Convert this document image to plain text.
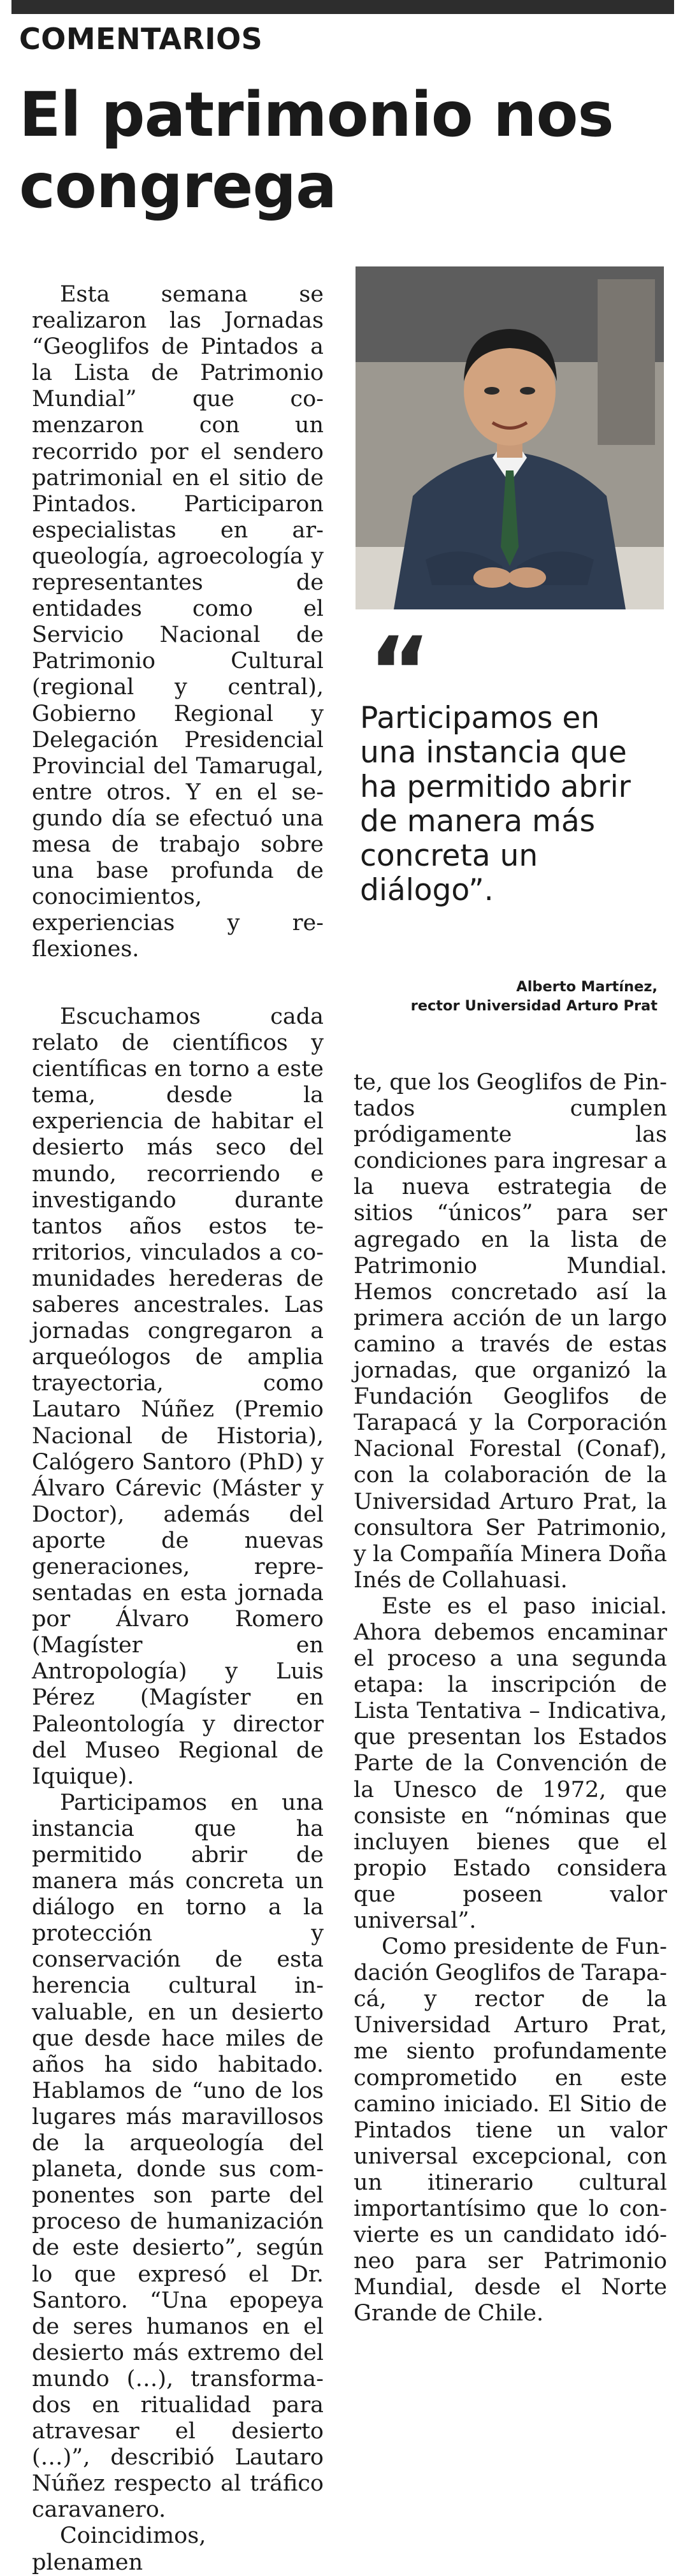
COMENTARIOS
El patrimonio nos
congrega

Esta semana se realizaron las Jornadas “Geoglifos de Pintados a la Lista de Patrimonio Mundial” que comenzaron con un recorrido por el sendero patrimonial en el sitio de Pintados. Participaron especialistas en arqueología, agroecología y representantes de entidades como el Servicio Nacional de Patrimonio Cultural (regional y central), Gobierno Regional y Delegación Presidencial Provincial del Tamarugal, entre otros. Y en el segundo día se efectuó una mesa de trabajo sobre una base profunda de conocimientos, experiencias y reflexiones.

Escuchamos cada relato de científicos y científicas en torno a este tema, desde la experiencia de habitar el desierto más seco del mundo, recorriendo e investigando durante tantos años estos territorios, vinculados a comunidades herederas de saberes ancestrales. Las jornadas congregaron a arqueólogos de amplia trayectoria, como Lautaro Núñez (Premio Nacional de Historia), Calógero Santoro (PhD) y Álvaro Cárevic (Máster y Doctor), además del aporte de nuevas generaciones, representadas en esta jornada por Álvaro Romero (Magíster en Antropología) y Luis Pérez (Magíster en Paleontología y director del Museo Regional de Iquique).

Participamos en una instancia que ha permitido abrir de manera más concreta un diálogo en torno a la protección y conservación de esta herencia cultural invaluable, en un desierto que desde hace miles de años ha sido habitado. Hablamos de “uno de los lugares más maravillosos de la arqueología del planeta, donde sus componentes son parte del proceso de humanización de este desierto”, según lo que expresó el Dr. Santoro. “Una epopeya de seres humanos en el desierto más extremo del mundo (…), transformados en ritualidad para atravesar el desierto (…)”, describió Lautaro Núñez respecto al tráfico caravanero.

Coincidimos, plenamen

“
Participamos en
una instancia que
ha permitido abrir
de manera más
concreta un
diálogo”.
Alberto Martínez,
rector Universidad Arturo Prat

te, que los Geoglifos de Pintados cumplen pródigamente las condiciones para ingresar a la nueva estrategia de sitios “únicos” para ser agregado en la lista de Patrimonio Mundial. Hemos concretado así la primera acción de un largo camino a través de estas jornadas, que organizó la Fundación Geoglifos de Tarapacá y la Corporación Nacional Forestal (Conaf), con la colaboración de la Universidad Arturo Prat, la consultora Ser Patrimonio, y la Compañía Minera Doña Inés de Collahuasi.

Este es el paso inicial. Ahora debemos encaminar el proceso a una segunda etapa: la inscripción de Lista Tentativa – Indicativa, que presentan los Estados Parte de la Convención de la Unesco de 1972, que consiste en “nóminas que incluyen bienes que el propio Estado considera que poseen valor universal”.

Como presidente de Fundación Geoglifos de Tarapacá, y rector de la Universidad Arturo Prat, me siento profundamente comprometido en este camino iniciado. El Sitio de Pintados tiene un valor universal excepcional, con un itinerario cultural importantísimo que lo convierte es un candidato idóneo para ser Patrimonio Mundial, desde el Norte Grande de Chile.
